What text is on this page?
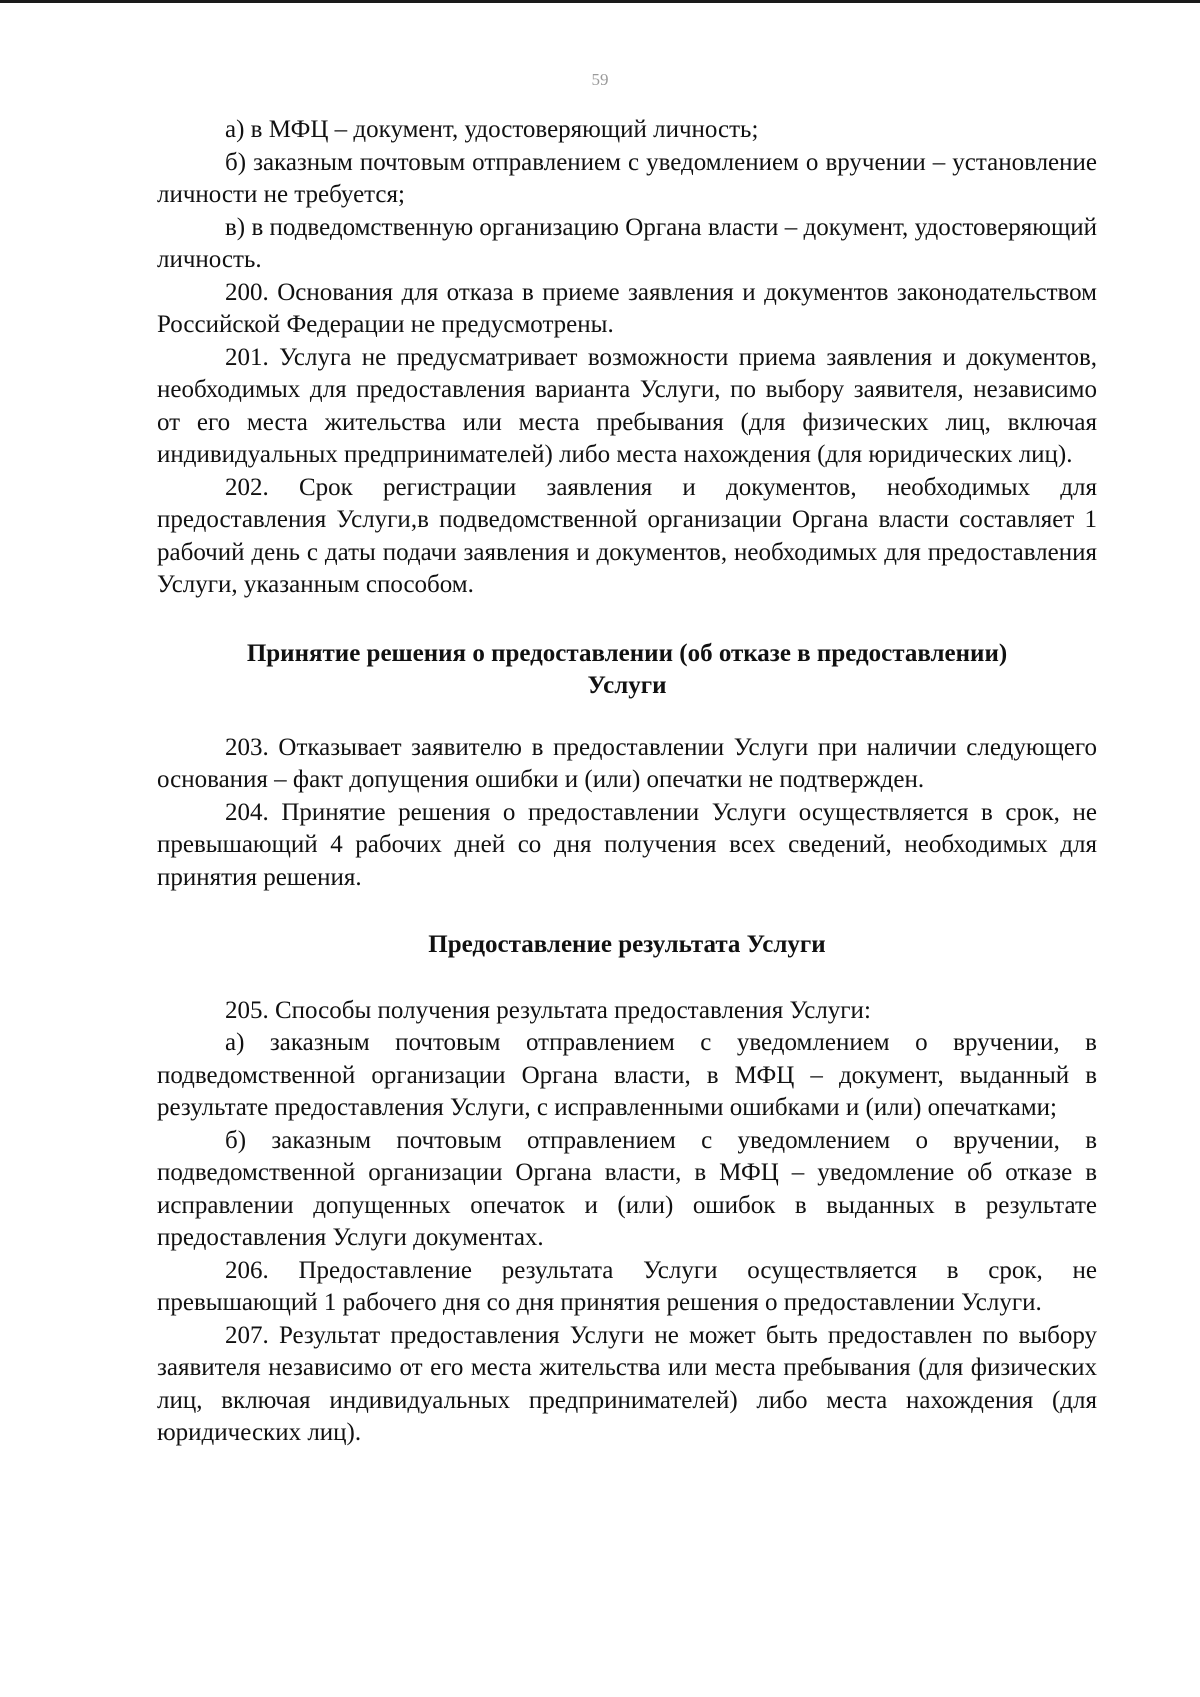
59

а) в МФЦ – документ, удостоверяющий личность;

б) заказным почтовым отправлением с уведомлением о вручении – установление личности не требуется;

в) в подведомственную организацию Органа власти – документ, удостоверяющий личность.

200. Основания для отказа в приеме заявления и документов законодательством Российской Федерации не предусмотрены.

201. Услуга не предусматривает возможности приема заявления и документов, необходимых для предоставления варианта Услуги, по выбору заявителя, независимо от его места жительства или места пребывания (для физических лиц, включая индивидуальных предпринимателей) либо места нахождения (для юридических лиц).

202. Срок регистрации заявления и документов, необходимых для предоставления Услуги,в подведомственной организации Органа власти составляет 1 рабочий день с даты подачи заявления и документов, необходимых для предоставления Услуги, указанным способом.

Принятие решения о предоставлении (об отказе в предоставлении)
Услуги

203. Отказывает заявителю в предоставлении Услуги при наличии следующего основания – факт допущения ошибки и (или) опечатки не подтвержден.

204. Принятие решения о предоставлении Услуги осуществляется в срок, не превышающий 4 рабочих дней со дня получения всех сведений, необходимых для принятия решения.

Предоставление результата Услуги

205. Способы получения результата предоставления Услуги:

а) заказным почтовым отправлением с уведомлением о вручении, в подведомственной организации Органа власти, в МФЦ – документ, выданный в результате предоставления Услуги, с исправленными ошибками и (или) опечатками;

б) заказным почтовым отправлением с уведомлением о вручении, в подведомственной организации Органа власти, в МФЦ – уведомление об отказе в исправлении допущенных опечаток и (или) ошибок в выданных в результате предоставления Услуги документах.

206. Предоставление результата Услуги осуществляется в срок, не превышающий 1 рабочего дня со дня принятия решения о предоставлении Услуги.

207. Результат предоставления Услуги не может быть предоставлен по выбору заявителя независимо от его места жительства или места пребывания (для физических лиц, включая индивидуальных предпринимателей) либо места нахождения (для юридических лиц).
